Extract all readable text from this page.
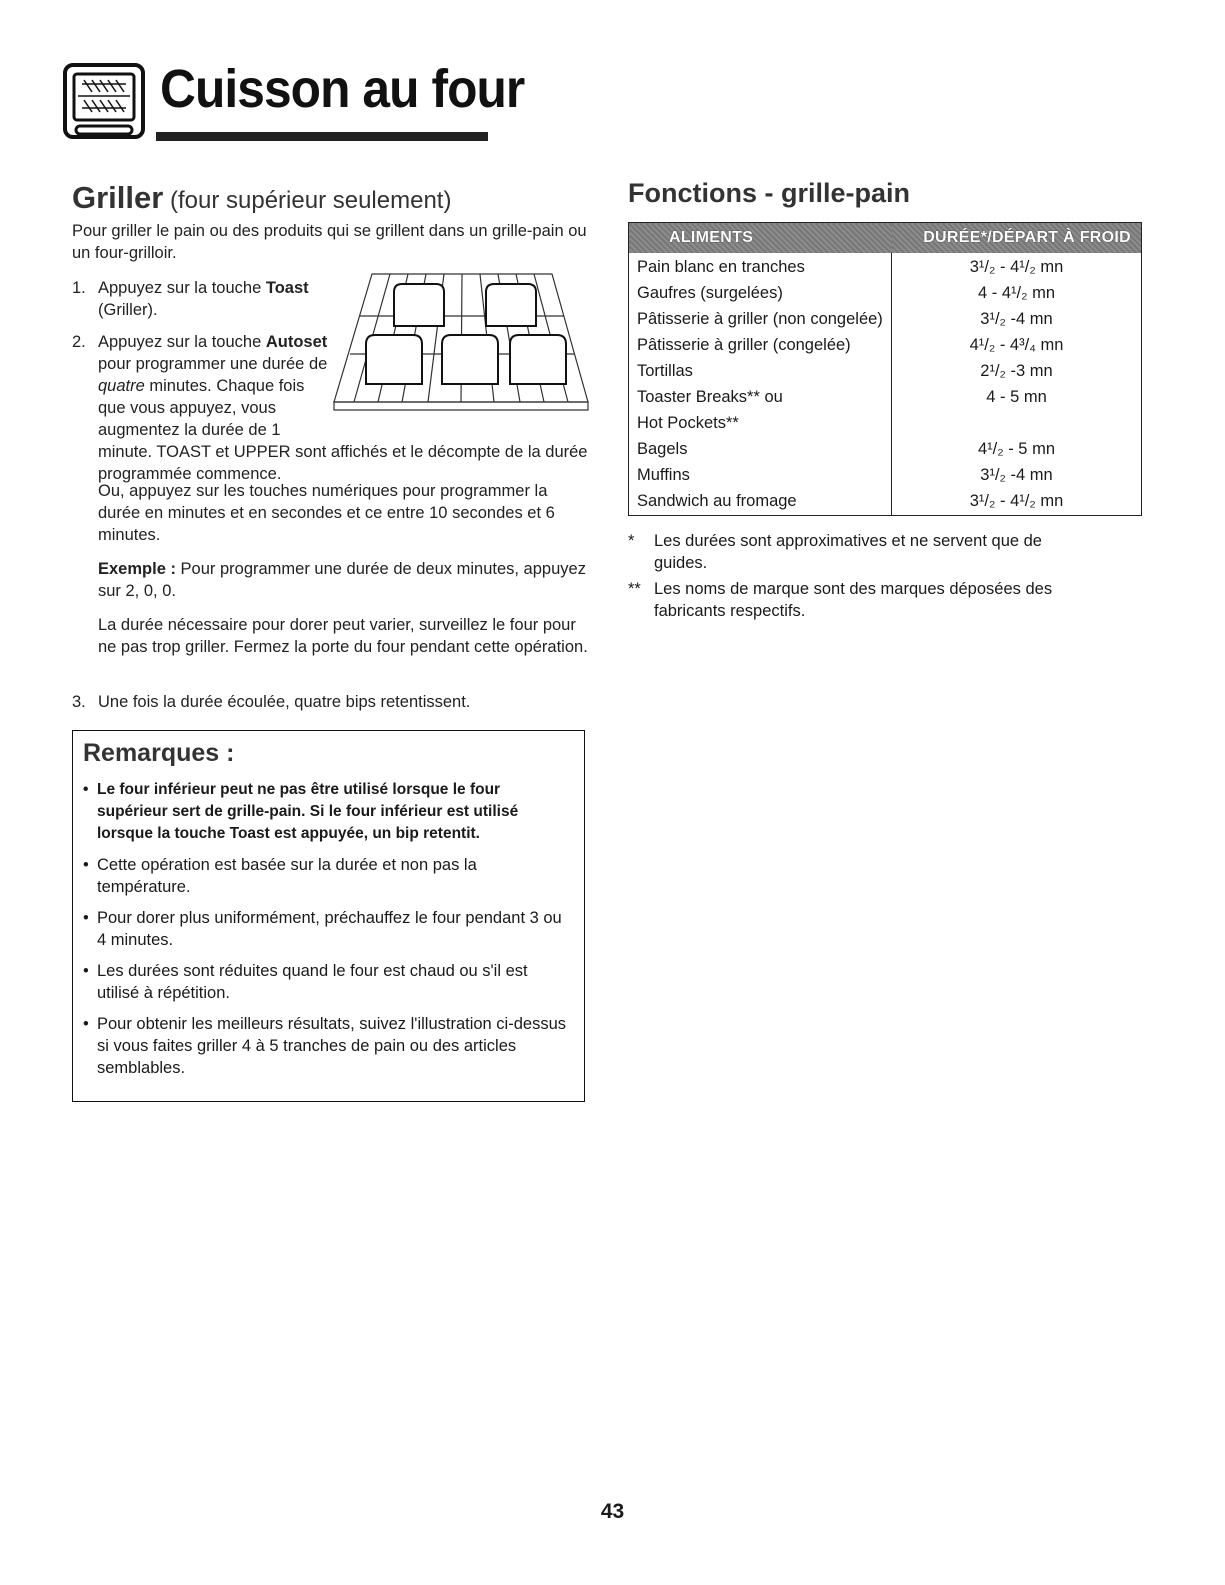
Cuisson au four
Griller (four supérieur seulement)

Pour griller le pain ou des produits qui se grillent dans un grille-pain ou un four-grilloir.

1. Appuyez sur la touche Toast (Griller).
2. Appuyez sur la touche Autoset pour programmer une durée de quatre minutes. Chaque fois que vous appuyez, vous augmentez la durée de 1 minute. TOAST et UPPER sont affichés et le décompte de la durée programmée commence.

Ou, appuyez sur les touches numériques pour programmer la durée en minutes et en secondes et ce entre 10 secondes et 6 minutes.

Exemple : Pour programmer une durée de deux minutes, appuyez sur 2, 0, 0.

La durée nécessaire pour dorer peut varier, surveillez le four pour ne pas trop griller. Fermez la porte du four pendant cette opération.

3. Une fois la durée écoulée, quatre bips retentissent.
Remarques :
• Le four inférieur peut ne pas être utilisé lorsque le four supérieur sert de grille-pain. Si le four inférieur est utilisé lorsque la touche Toast est appuyée, un bip retentit.
• Cette opération est basée sur la durée et non pas la température.
• Pour dorer plus uniformément, préchauffez le four pendant 3 ou 4 minutes.
• Les durées sont réduites quand le four est chaud ou s'il est utilisé à répétition.
• Pour obtenir les meilleurs résultats, suivez l'illustration ci-dessus si vous faites griller 4 à 5 tranches de pain ou des articles semblables.
Fonctions - grille-pain
ALIMENTS	DURÉE*/DÉPART À FROID
Pain blanc en tranches	3¹/₂ - 4¹/₂ mn
Gaufres (surgelées)	4 - 4¹/₂ mn
Pâtisserie à griller (non congelée)	3¹/₂ -4 mn
Pâtisserie à griller (congelée)	4¹/₂ - 4³/₄ mn
Tortillas	2¹/₂ -3 mn
Toaster Breaks** ou	4 - 5 mn
Hot Pockets**	
Bagels	4¹/₂ - 5 mn
Muffins	3¹/₂ -4 mn
Sandwich au fromage	3¹/₂ - 4¹/₂ mn
* Les durées sont approximatives et ne servent que de guides.
** Les noms de marque sont des marques déposées des fabricants respectifs.
43
